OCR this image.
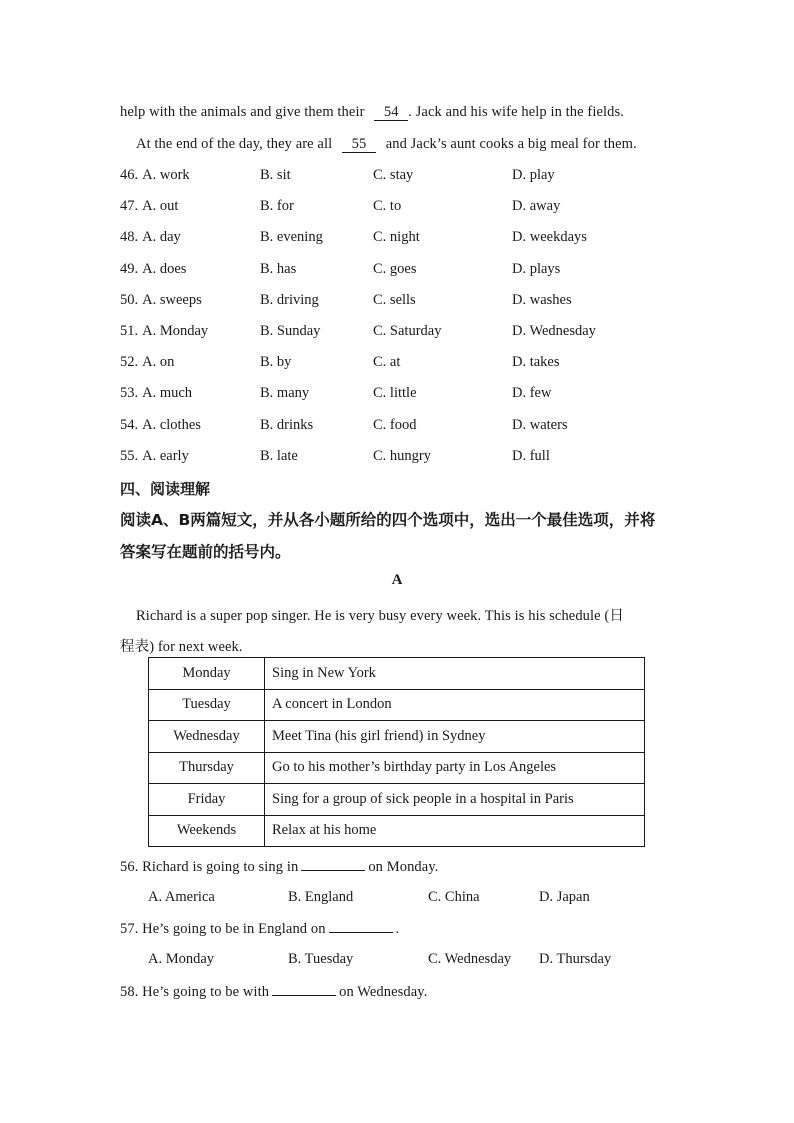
help with the animals and give them their 54 . Jack and his wife help in the fields.
At the end of the day, they are all 55 and Jack’s aunt cooks a big meal for them.
46. A. work	B. sit	C. stay	D. play
47. A. out	B. for	C. to	D. away
48. A. day	B. evening	C. night	D. weekdays
49. A. does	B. has	C. goes	D. plays
50. A. sweeps	B. driving	C. sells	D. washes
51. A. Monday	B. Sunday	C. Saturday	D. Wednesday
52. A. on	B. by	C. at	D. takes
53. A. much	B. many	C. little	D. few
54. A. clothes	B. drinks	C. food	D. waters
55. A. early	B. late	C. hungry	D. full
四、阅读理解
阅读A、B两篇短文，并从各小题所给的四个选项中，选出一个最佳选项，并将
答案写在题前的括号内。
A
Richard is a super pop singer. He is very busy every week. This is his schedule (日
程表) for next week.
Monday	Sing in New York
Tuesday	A concert in London
Wednesday	Meet Tina (his girl friend) in Sydney
Thursday	Go to his mother’s birthday party in Los Angeles
Friday	Sing for a group of sick people in a hospital in Paris
Weekends	Relax at his home
56. Richard is going to sing in	on Monday.
A. America	B. England	C. China	D. Japan
57. He’s going to be in England on	.
A. Monday	B. Tuesday	C. Wednesday D. Thursday
58. He’s going to be with	on Wednesday.
